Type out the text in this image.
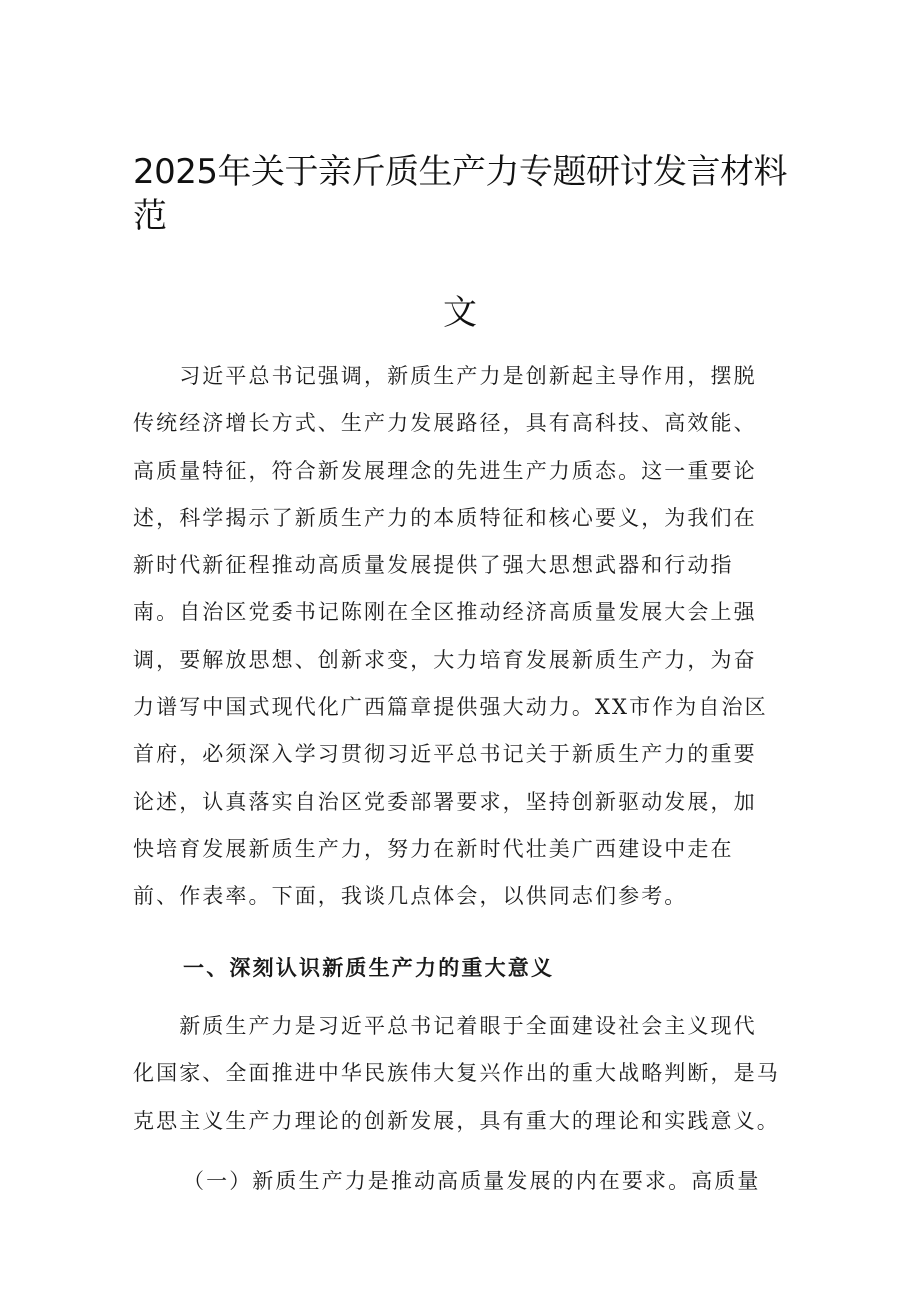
2025年关于亲斤质生产力专题研讨发言材料
范
文

　　习近平总书记强调，新质生产力是创新起主导作用，摆脱
传统经济增长方式、生产力发展路径，具有高科技、高效能、
高质量特征，符合新发展理念的先进生产力质态。这一重要论
述，科学揭示了新质生产力的本质特征和核心要义，为我们在
新时代新征程推动高质量发展提供了强大思想武器和行动指
南。自治区党委书记陈刚在全区推动经济高质量发展大会上强
调，要解放思想、创新求变，大力培育发展新质生产力，为奋
力谱写中国式现代化广西篇章提供强大动力。XX市作为自治区
首府，必须深入学习贯彻习近平总书记关于新质生产力的重要
论述，认真落实自治区党委部署要求，坚持创新驱动发展，加
快培育发展新质生产力，努力在新时代壮美广西建设中走在
前、作表率。下面，我谈几点体会，以供同志们参考。

一、深刻认识新质生产力的重大意义

　　新质生产力是习近平总书记着眼于全面建设社会主义现代
化国家、全面推进中华民族伟大复兴作出的重大战略判断，是马
克思主义生产力理论的创新发展，具有重大的理论和实践意义。

（一）新质生产力是推动高质量发展的内在要求。高质量
